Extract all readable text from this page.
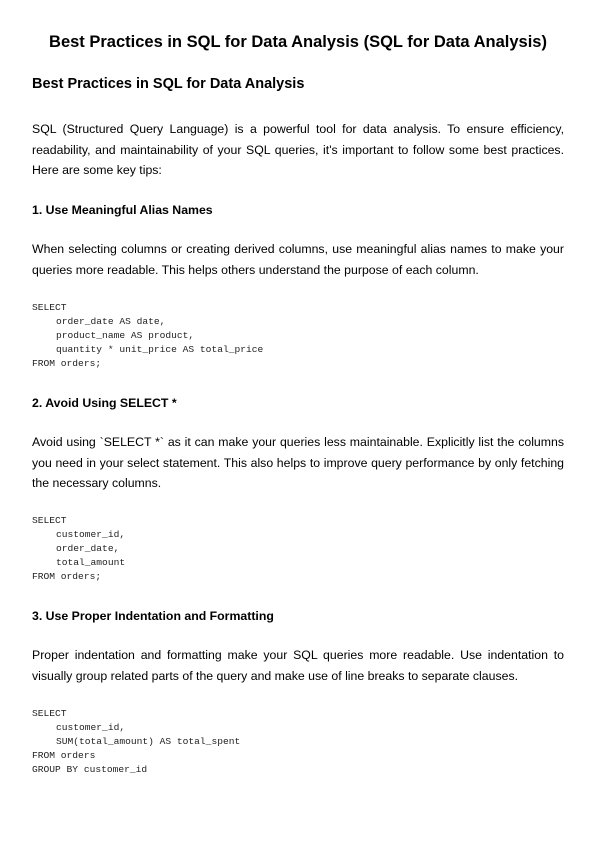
Best Practices in SQL for Data Analysis (SQL for Data Analysis)
Best Practices in SQL for Data Analysis

SQL (Structured Query Language) is a powerful tool for data analysis. To ensure efficiency, readability, and maintainability of your SQL queries, it's important to follow some best practices. Here are some key tips:

1. Use Meaningful Alias Names

When selecting columns or creating derived columns, use meaningful alias names to make your queries more readable. This helps others understand the purpose of each column.

SELECT
order_date AS date,
product_name AS product,
quantity * unit_price AS total_price
FROM orders;
2. Avoid Using SELECT *

Avoid using `SELECT *` as it can make your queries less maintainable. Explicitly list the columns you need in your select statement. This also helps to improve query performance by only fetching the necessary columns.

SELECT
customer_id,
order_date,
total_amount
FROM orders;
3. Use Proper Indentation and Formatting

Proper indentation and formatting make your SQL queries more readable. Use indentation to visually group related parts of the query and make use of line breaks to separate clauses.

SELECT
customer_id,
SUM(total_amount) AS total_spent
FROM orders
GROUP BY customer_id
